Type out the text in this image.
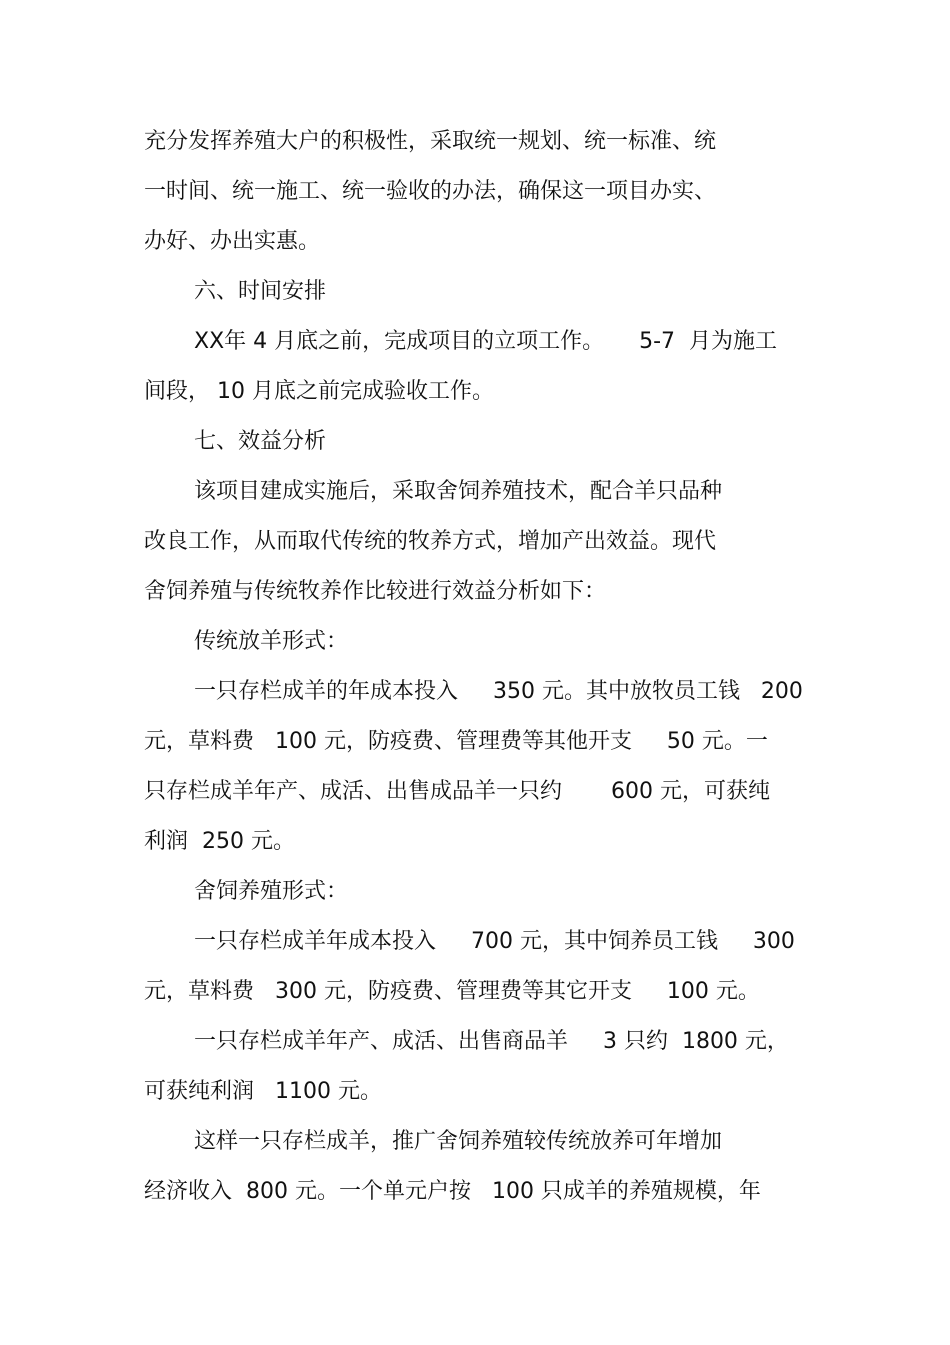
充分发挥养殖大户的积极性，采取统一规划、统一标准、统
一时间、统一施工、统一验收的办法，确保这一项目办实、
办好、办出实惠。
六、时间安排
XX年 4 月底之前，完成项目的立项工作。     5-7  月为施工
间段， 10 月底之前完成验收工作。
七、效益分析
该项目建成实施后，采取舍饲养殖技术，配合羊只品种
改良工作，从而取代传统的牧养方式，增加产出效益。现代
舍饲养殖与传统牧养作比较进行效益分析如下：
传统放羊形式：
一只存栏成羊的年成本投入     350 元。其中放牧员工钱   200
元，草料费   100 元，防疫费、管理费等其他开支     50 元。一
只存栏成羊年产、成活、出售成品羊一只约       600 元，可获纯
利润  250 元。
舍饲养殖形式：
一只存栏成羊年成本投入     700 元，其中饲养员工钱     300
元，草料费   300 元，防疫费、管理费等其它开支     100 元。
一只存栏成羊年产、成活、出售商品羊     3 只约  1800 元，
可获纯利润   1100 元。
这样一只存栏成羊，推广舍饲养殖较传统放养可年增加
经济收入  800 元。一个单元户按   100 只成羊的养殖规模，年
